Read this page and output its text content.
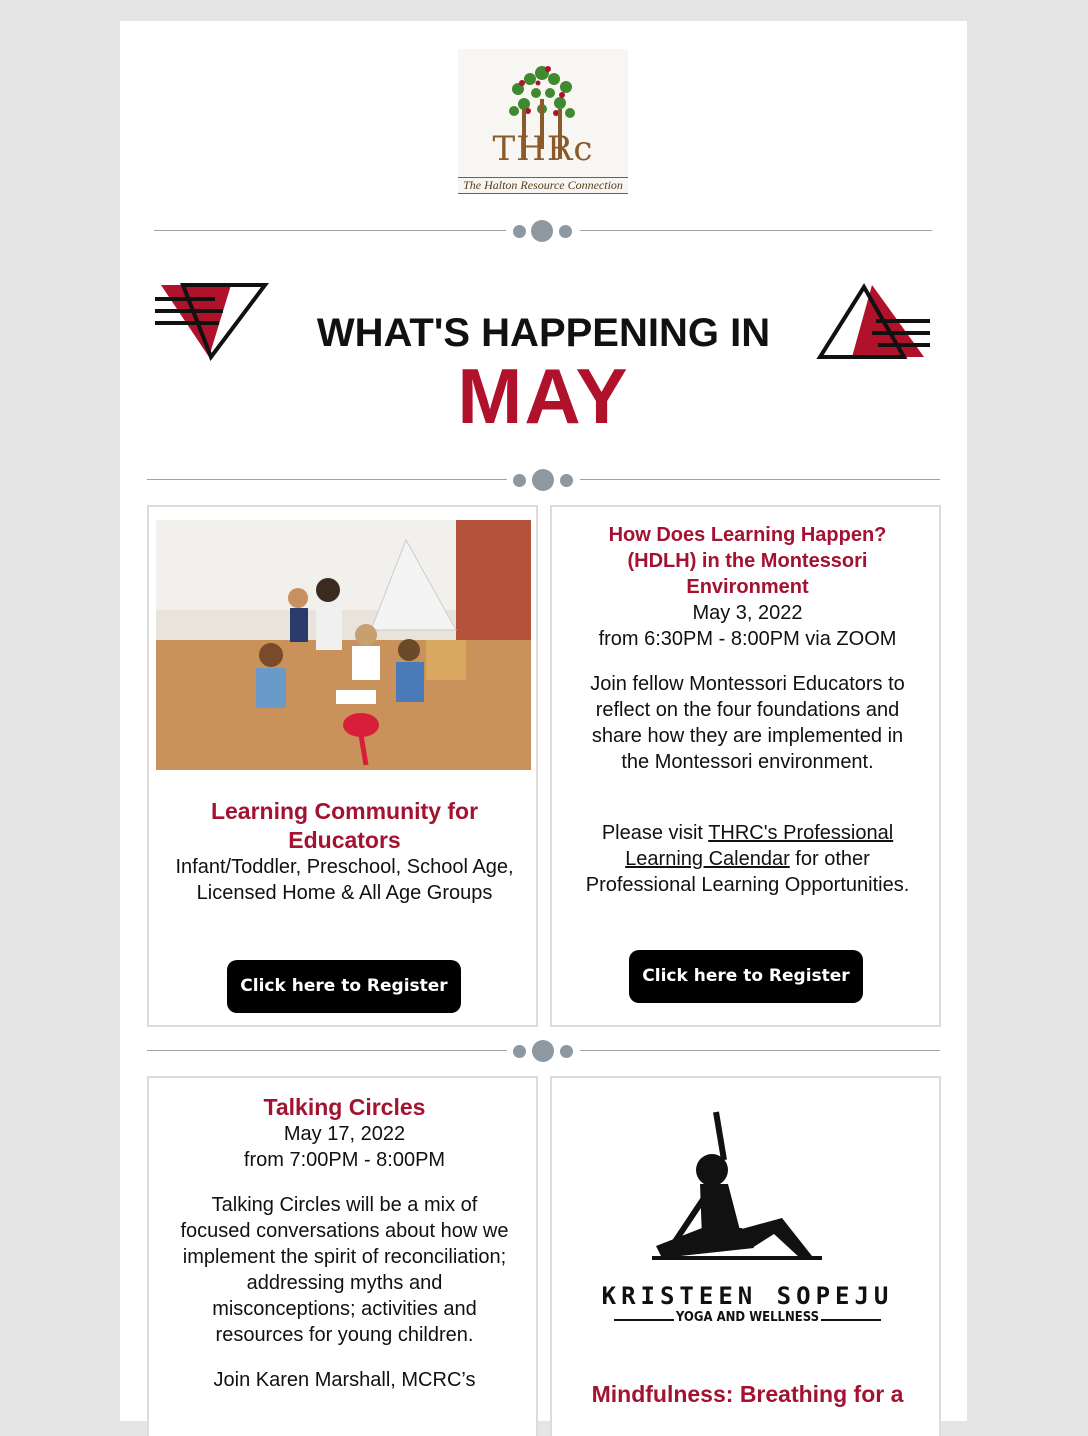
THRc
The Halton Resource Connection
WHAT'S HAPPENING IN
MAY
Learning Community for Educators
Infant/Toddler, Preschool, School Age, Licensed Home & All Age Groups
Click here to Register
How Does Learning Happen? (HDLH) in the Montessori Environment
May 3, 2022
from 6:30PM - 8:00PM via ZOOM
Join fellow Montessori Educators to reflect on the four foundations and share how they are implemented in the Montessori environment.
Please visit THRC's Professional Learning Calendar for other Professional Learning Opportunities.
Click here to Register
Talking Circles
May 17, 2022
from 7:00PM - 8:00PM
Talking Circles will be a mix of focused conversations about how we implement the spirit of reconciliation; addressing myths and misconceptions; activities and resources for young children.
Join Karen Marshall, MCRC’s
KRISTEEN SOPEJU
YOGA AND WELLNESS
Mindfulness: Breathing for a
